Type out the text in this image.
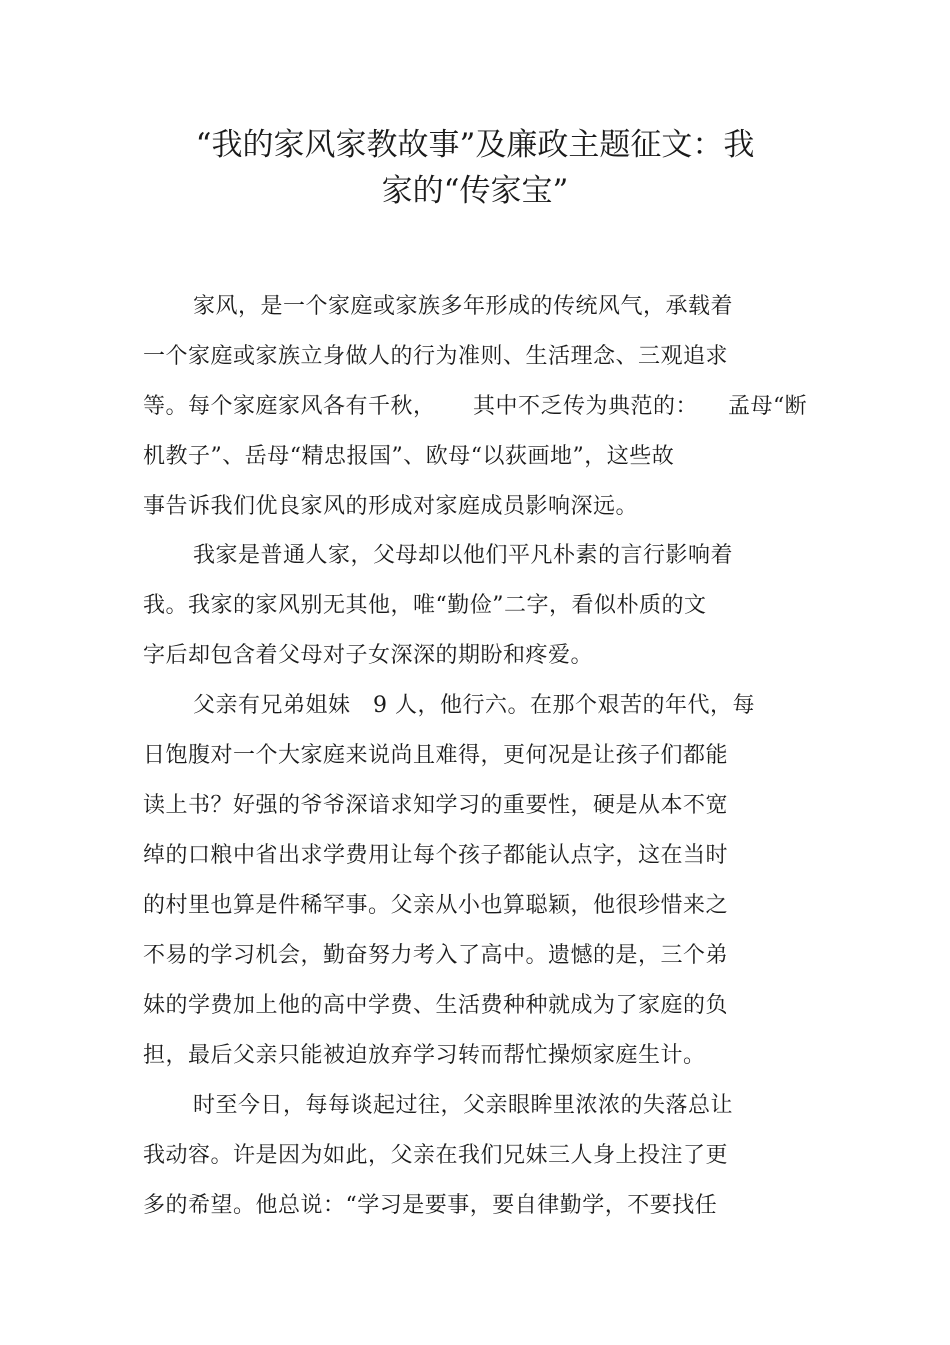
“我的家风家教故事”及廉政主题征文：我
家的“传家宝”
家风，是一个家庭或家族多年形成的传统风气，承载着
一个家庭或家族立身做人的行为准则、生活理念、三观追求
等。每个家庭家风各有千秋，     其中不乏传为典范的：    孟母“断
机教子”、岳母“精忠报国”、欧母“以荻画地”，这些故
事告诉我们优良家风的形成对家庭成员影响深远。
我家是普通人家，父母却以他们平凡朴素的言行影响着
我。我家的家风别无其他，唯“勤俭”二字，看似朴质的文
字后却包含着父母对子女深深的期盼和疼爱。
父亲有兄弟姐妹   9 人，他行六。在那个艰苦的年代，每
日饱腹对一个大家庭来说尚且难得，更何况是让孩子们都能
读上书？好强的爷爷深谙求知学习的重要性，硬是从本不宽
绰的口粮中省出求学费用让每个孩子都能认点字，这在当时
的村里也算是件稀罕事。父亲从小也算聪颖，他很珍惜来之
不易的学习机会，勤奋努力考入了高中。遗憾的是，三个弟
妹的学费加上他的高中学费、生活费种种就成为了家庭的负
担，最后父亲只能被迫放弃学习转而帮忙操烦家庭生计。
时至今日，每每谈起过往，父亲眼眸里浓浓的失落总让
我动容。许是因为如此，父亲在我们兄妹三人身上投注了更
多的希望。他总说：“学习是要事，要自律勤学，不要找任
